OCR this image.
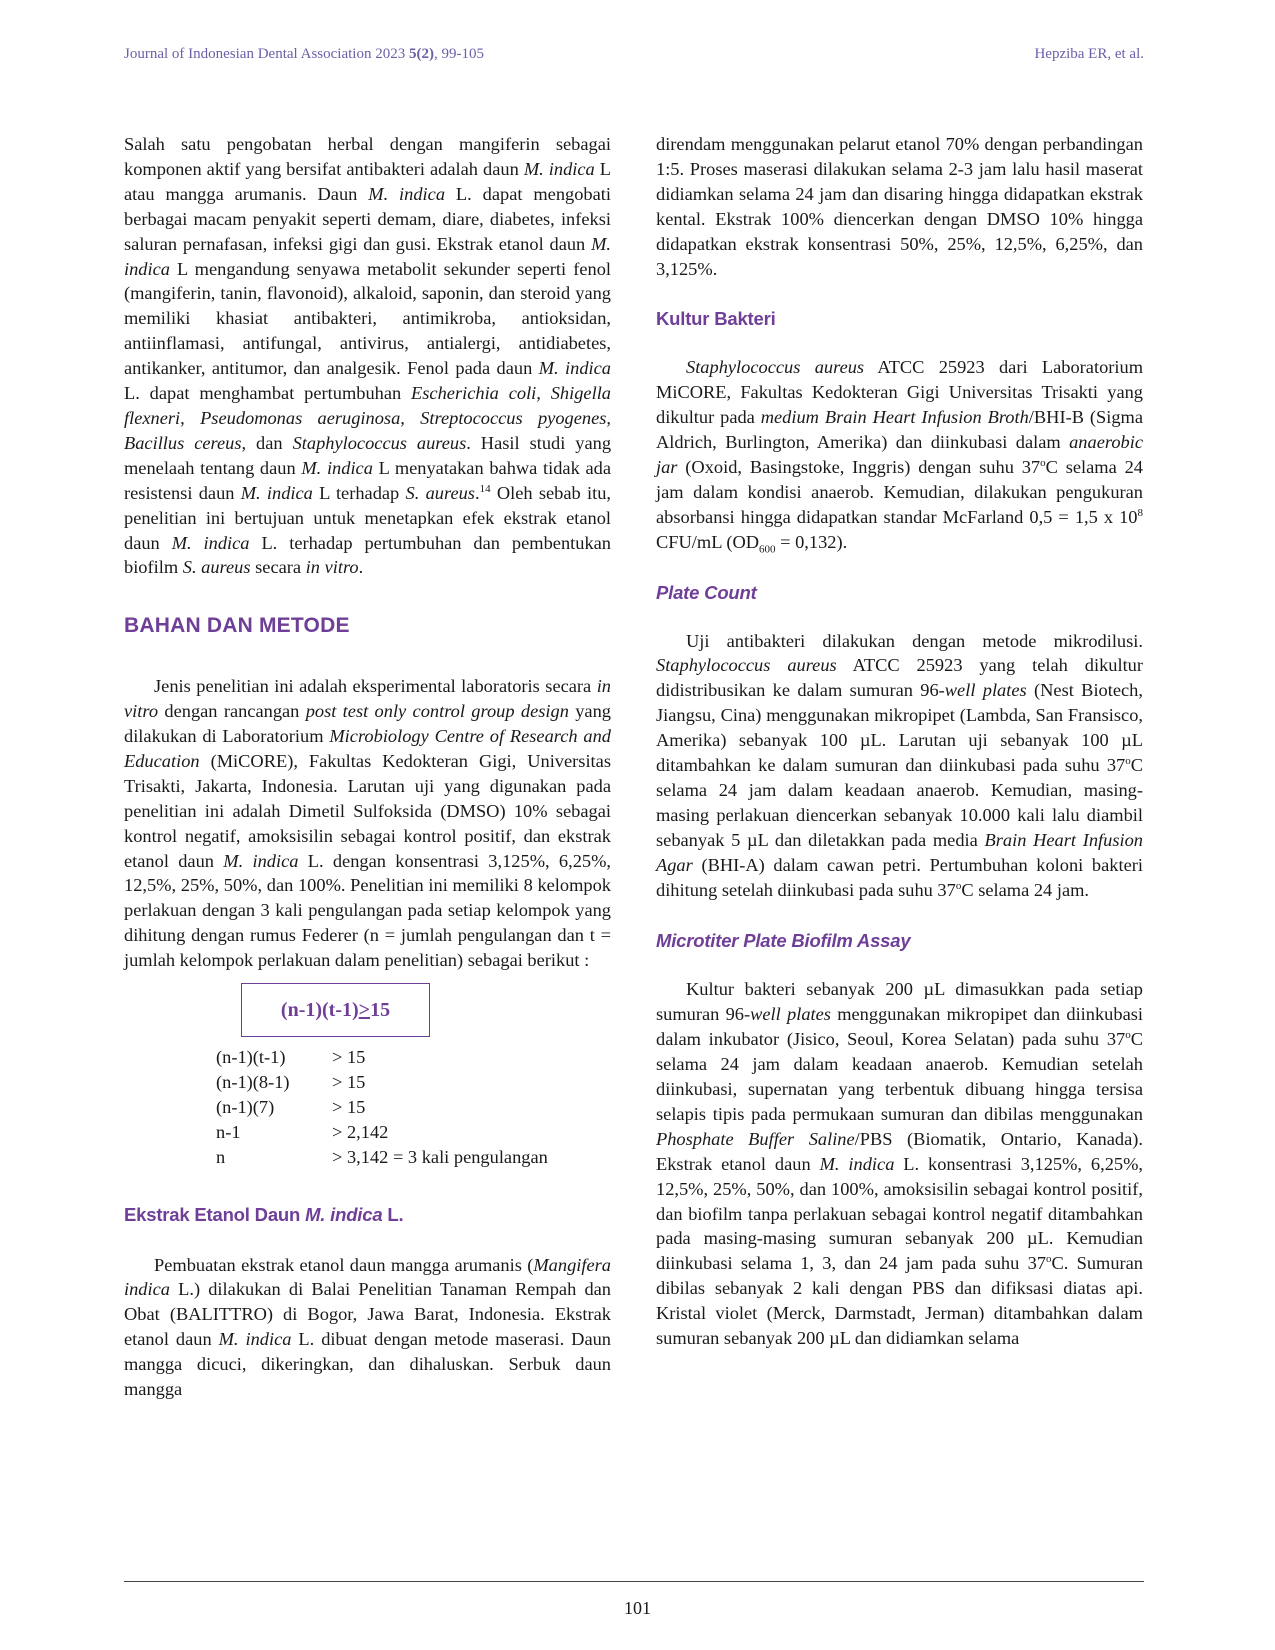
Journal of Indonesian Dental Association 2023 5(2), 99-105	Hepziba ER, et al.

Salah satu pengobatan herbal dengan mangiferin sebagai komponen aktif yang bersifat antibakteri adalah daun M. indica L atau mangga arumanis. Daun M. indica L. dapat mengobati berbagai macam penyakit seperti demam, diare, diabetes, infeksi saluran pernafasan, infeksi gigi dan gusi. Ekstrak etanol daun M. indica L mengandung senyawa metabolit sekunder seperti fenol (mangiferin, tanin, flavonoid), alkaloid, saponin, dan steroid yang memiliki khasiat antibakteri, antimikroba, antioksidan, antiinflamasi, antifungal, antivirus, antialergi, antidiabetes, antikanker, antitumor, dan analgesik. Fenol pada daun M. indica L. dapat menghambat pertumbuhan Escherichia coli, Shigella flexneri, Pseudomonas aeruginosa, Streptococcus pyogenes, Bacillus cereus, dan Staphylococcus aureus. Hasil studi yang menelaah tentang daun M. indica L menyatakan bahwa tidak ada resistensi daun M. indica L terhadap S. aureus.$^{14}$ Oleh sebab itu, penelitian ini bertujuan untuk menetapkan efek ekstrak etanol daun M. indica L. terhadap pertumbuhan dan pembentukan biofilm S. aureus secara in vitro.

BAHAN DAN METODE

Jenis penelitian ini adalah eksperimental laboratoris secara in vitro dengan rancangan post test only control group design yang dilakukan di Laboratorium Microbiology Centre of Research and Education (MiCORE), Fakultas Kedokteran Gigi, Universitas Trisakti, Jakarta, Indonesia. Larutan uji yang digunakan pada penelitian ini adalah Dimetil Sulfoksida (DMSO) 10% sebagai kontrol negatif, amoksisilin sebagai kontrol positif, dan ekstrak etanol daun M. indica L. dengan konsentrasi 3,125%, 6,25%, 12,5%, 25%, 50%, dan 100%. Penelitian ini memiliki 8 kelompok perlakuan dengan 3 kali pengulangan pada setiap kelompok yang dihitung dengan rumus Federer (n = jumlah pengulangan dan t = jumlah kelompok perlakuan dalam penelitian) sebagai berikut :

(n-1)(t-1) > 15
(n-1)(t-1)	> 15
(n-1)(8-1)	> 15
(n-1)(7)	> 15
n-1	> 2,142
n	> 3,142 = 3 kali pengulangan
Ekstrak Etanol Daun M. indica L.

Pembuatan ekstrak etanol daun mangga arumanis (Mangifera indica L.) dilakukan di Balai Penelitian Tanaman Rempah dan Obat (BALITTRO) di Bogor, Jawa Barat, Indonesia. Ekstrak etanol daun M. indica L. dibuat dengan metode maserasi. Daun mangga dicuci, dikeringkan, dan dihaluskan. Serbuk daun mangga

direndam menggunakan pelarut etanol 70% dengan perbandingan 1:5. Proses maserasi dilakukan selama 2-3 jam lalu hasil maserat didiamkan selama 24 jam dan disaring hingga didapatkan ekstrak kental. Ekstrak 100% diencerkan dengan DMSO 10% hingga didapatkan ekstrak konsentrasi 50%, 25%, 12,5%, 6,25%, dan 3,125%.

Kultur Bakteri

Staphylococcus aureus ATCC 25923 dari Laboratorium MiCORE, Fakultas Kedokteran Gigi Universitas Trisakti yang dikultur pada medium Brain Heart Infusion Broth/BHI-B (Sigma Aldrich, Burlington, Amerika) dan diinkubasi dalam anaerobic jar (Oxoid, Basingstoke, Inggris) dengan suhu 37$^o$C selama 24 jam dalam kondisi anaerob. Kemudian, dilakukan pengukuran absorbansi hingga didapatkan standar McFarland 0,5 = 1,5 x $10^8$ CFU/mL $(OD_{600} = 0,132)$.

Plate Count

Uji antibakteri dilakukan dengan metode mikrodilusi. Staphylococcus aureus ATCC 25923 yang telah dikultur didistribusikan ke dalam sumuran 96-well plates (Nest Biotech, Jiangsu, Cina) menggunakan mikropipet (Lambda, San Fransisco, Amerika) sebanyak 100 µL. Larutan uji sebanyak 100 µL ditambahkan ke dalam sumuran dan diinkubasi pada suhu 37$^o$C selama 24 jam dalam keadaan anaerob. Kemudian, masing-masing perlakuan diencerkan sebanyak 10.000 kali lalu diambil sebanyak 5 µL dan diletakkan pada media Brain Heart Infusion Agar (BHI-A) dalam cawan petri. Pertumbuhan koloni bakteri dihitung setelah diinkubasi pada suhu 37$^o$C selama 24 jam.

Microtiter Plate Biofilm Assay

Kultur bakteri sebanyak 200 µL dimasukkan pada setiap sumuran 96-well plates menggunakan mikropipet dan diinkubasi dalam inkubator (Jisico, Seoul, Korea Selatan) pada suhu 37$^o$C selama 24 jam dalam keadaan anaerob. Kemudian setelah diinkubasi, supernatan yang terbentuk dibuang hingga tersisa selapis tipis pada permukaan sumuran dan dibilas menggunakan Phosphate Buffer Saline/PBS (Biomatik, Ontario, Kanada). Ekstrak etanol daun M. indica L. konsentrasi 3,125%, 6,25%, 12,5%, 25%, 50%, dan 100%, amoksisilin sebagai kontrol positif, dan biofilm tanpa perlakuan sebagai kontrol negatif ditambahkan pada masing-masing sumuran sebanyak 200 µL. Kemudian diinkubasi selama 1, 3, dan 24 jam pada suhu 37$^o$C. Sumuran dibilas sebanyak 2 kali dengan PBS dan difiksasi diatas api. Kristal violet (Merck, Darmstadt, Jerman) ditambahkan dalam sumuran sebanyak 200 µL dan didiamkan selama

101
